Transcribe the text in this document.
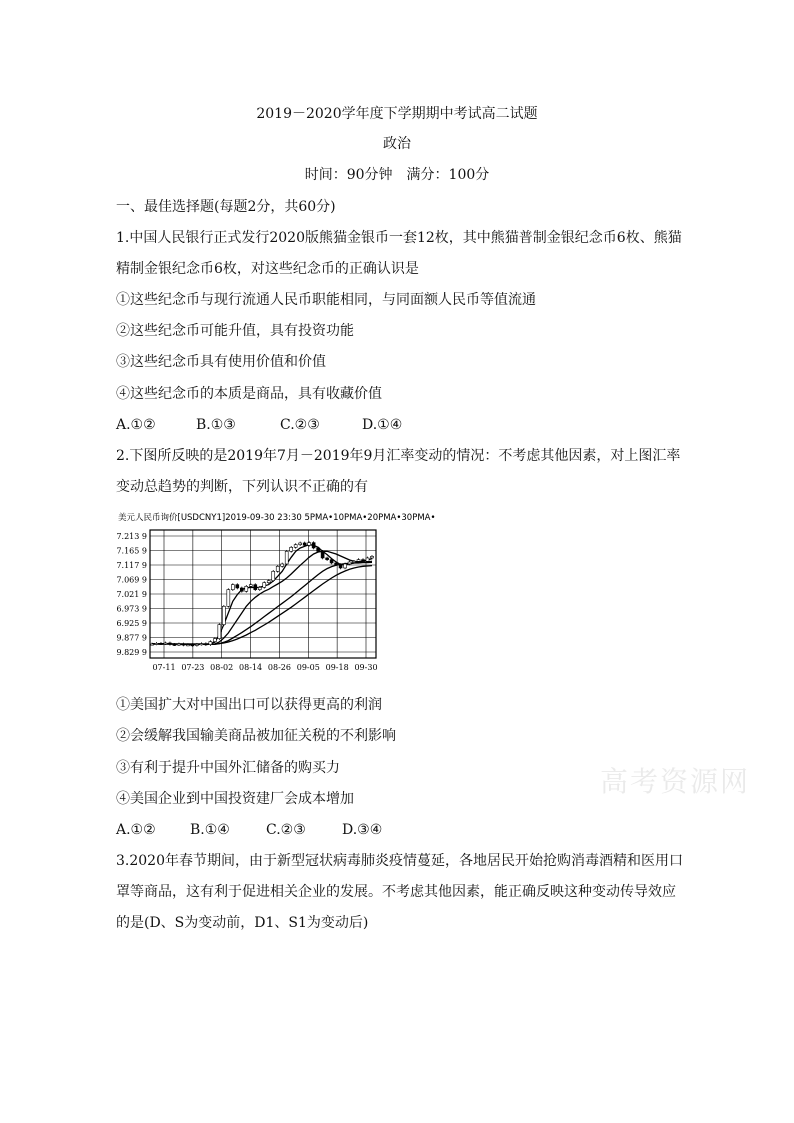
2019－2020学年度下学期期中考试高二试题
政治
时间：90分钟　满分：100分
一、最佳选择题(每题2分，共60分)
1.中国人民银行正式发行2020版熊猫金银币一套12枚，其中熊猫普制金银纪念币6枚、熊猫
精制金银纪念币6枚，对这些纪念币的正确认识是
①这些纪念币与现行流通人民币职能相同，与同面额人民币等值流通
②这些纪念币可能升值，具有投资功能
③这些纪念币具有使用价值和价值
④这些纪念币的本质是商品，具有收藏价值
A.①②	B.①③	C.②③	D.①④
2.下图所反映的是2019年7月－2019年9月汇率变动的情况：不考虑其他因素，对上图汇率
变动总趋势的判断，下列认识不正确的有
美元人民币询价[USDCNY1]2019-09-30 23:30 5PMA•10PMA•20PMA•30PMA•
7.213 9
7.165 9
7.117 9
7.069 9
7.021 9
6.973 9
6.925 9
9.877 9
9.829 9
07-11 07-23 08-02 08-14 08-26 09-05 09-18 09-30
①美国扩大对中国出口可以获得更高的利润
②会缓解我国输美商品被加征关税的不利影响
③有利于提升中国外汇储备的购买力
④美国企业到中国投资建厂会成本增加
A.①② B.①④	C.②③	D.③④
3.2020年春节期间，由于新型冠状病毒肺炎疫情蔓延，各地居民开始抢购消毒酒精和医用口
罩等商品，这有利于促进相关企业的发展。不考虑其他因素，能正确反映这种变动传导效应
的是(D、S为变动前，D1、S1为变动后)
高考资源网
